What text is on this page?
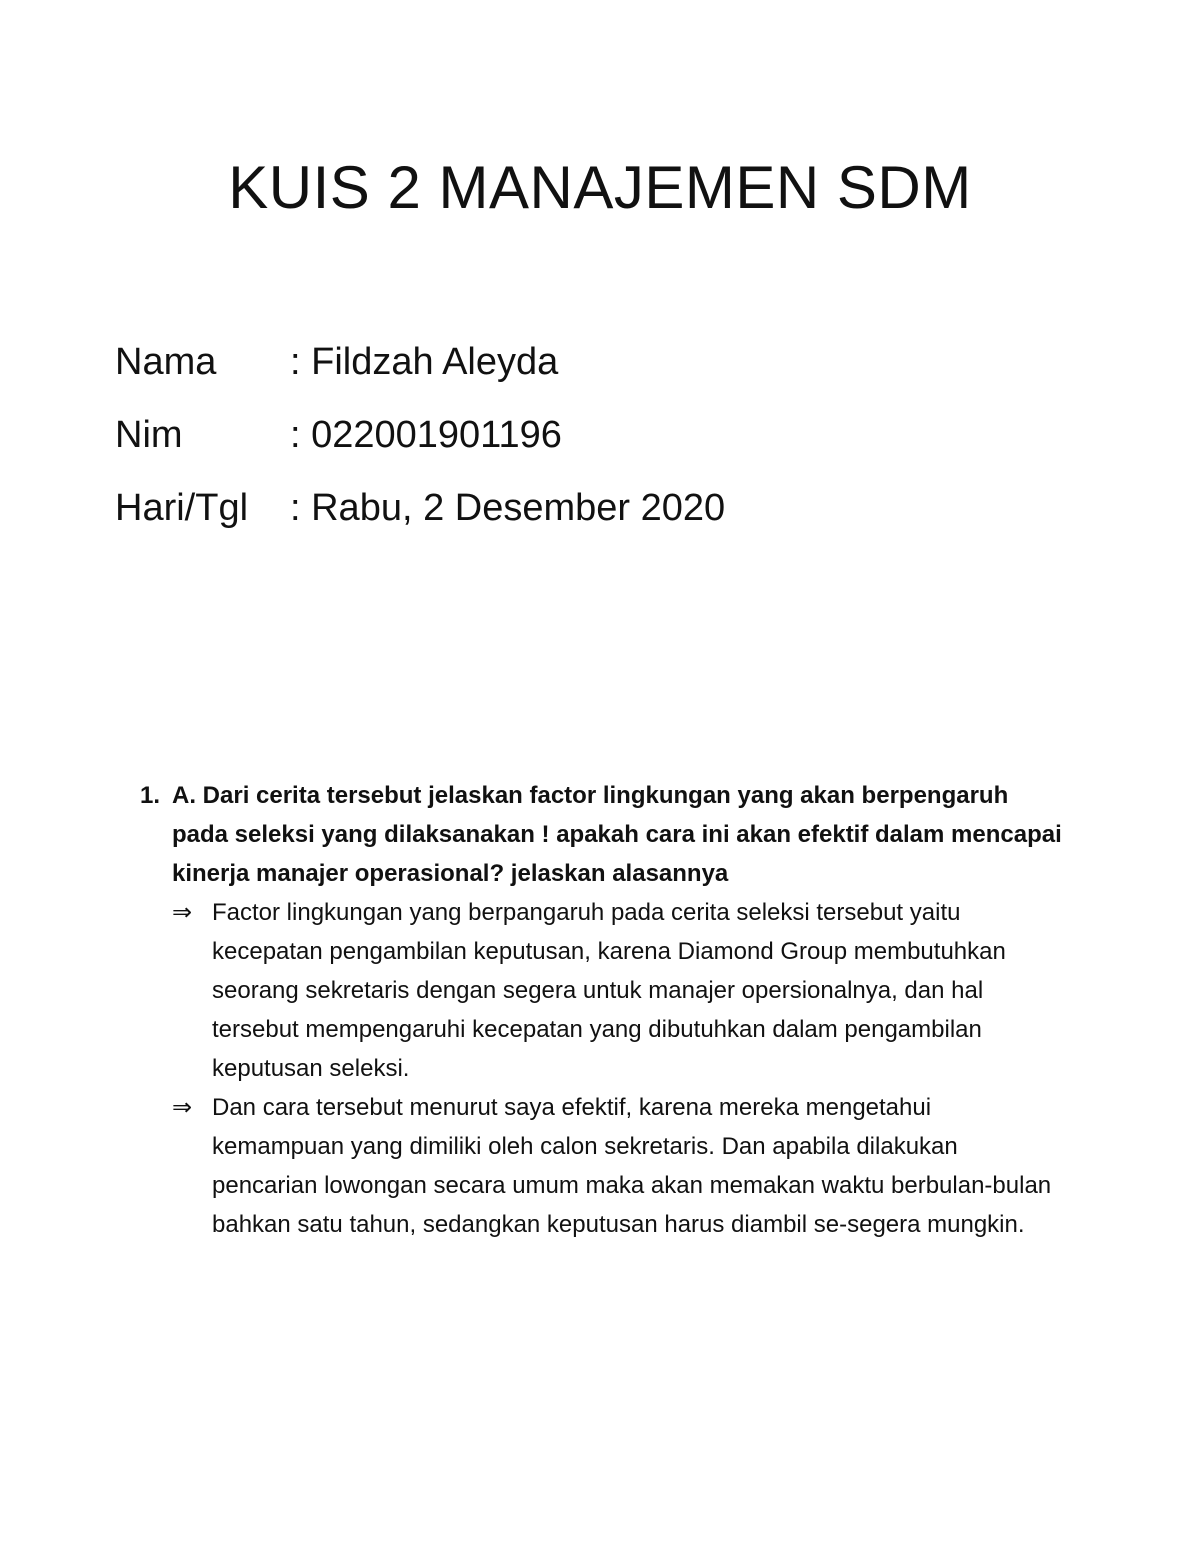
KUIS 2 MANAJEMEN SDM
Nama	: Fildzah Aleyda
Nim	: 022001901196
Hari/Tgl	: Rabu, 2 Desember 2020
1. A. Dari cerita tersebut jelaskan factor lingkungan yang akan berpengaruh pada seleksi yang dilaksanakan ! apakah cara ini akan efektif dalam mencapai kinerja manajer operasional? jelaskan alasannya
⇒ Factor lingkungan yang berpangaruh pada cerita seleksi tersebut yaitu kecepatan pengambilan keputusan, karena Diamond Group membutuhkan seorang sekretaris dengan segera untuk manajer opersionalnya, dan hal tersebut mempengaruhi kecepatan yang dibutuhkan dalam pengambilan keputusan seleksi.
⇒ Dan cara tersebut menurut saya efektif, karena mereka mengetahui kemampuan yang dimiliki oleh calon sekretaris. Dan apabila dilakukan pencarian lowongan secara umum maka akan memakan waktu berbulan-bulan bahkan satu tahun, sedangkan keputusan harus diambil se-segera mungkin.
